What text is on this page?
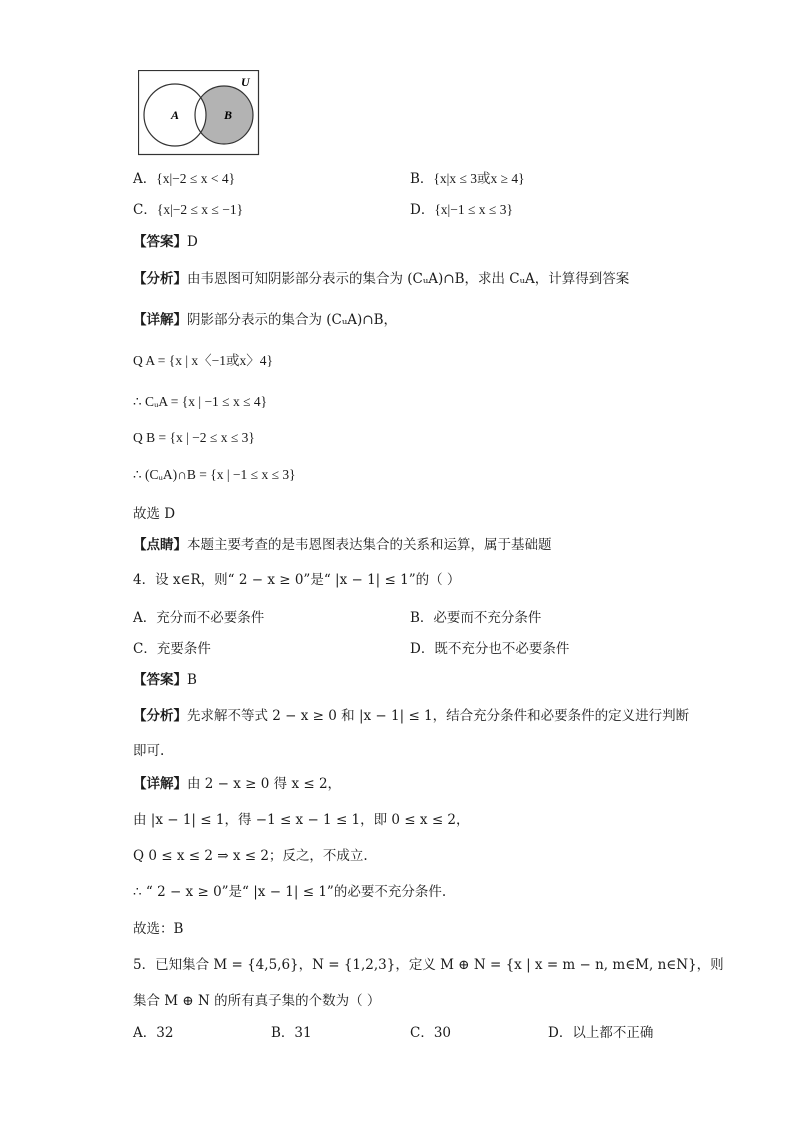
U
A	B
A．{x|−2 ≤ x < 4}	B．{x|x ≤ 3或x ≥ 4}
C．{x|−2 ≤ x ≤ −1}	D．{x|−1 ≤ x ≤ 3}
【答案】D
【分析】由韦恩图可知阴影部分表示的集合为 (CᵤA)∩B，求出 CᵤA，计算得到答案
【详解】阴影部分表示的集合为 (CᵤA)∩B，
Q A = {x | x〈−1或x〉4}
∴ CᵤA = {x | −1 ≤ x ≤ 4}
Q B = {x | −2 ≤ x ≤ 3}
∴ (CᵤA)∩B = {x | −1 ≤ x ≤ 3}
故选 D
【点睛】本题主要考查的是韦恩图表达集合的关系和运算，属于基础题
4．设 x∈R，则“ 2 − x ≥ 0”是“ |x − 1| ≤ 1”的（ ）
A．充分而不必要条件	B．必要而不充分条件
C．充要条件	D．既不充分也不必要条件
【答案】B
【分析】先求解不等式 2 − x ≥ 0 和 |x − 1| ≤ 1，结合充分条件和必要条件的定义进行判断
即可.
【详解】由 2 − x ≥ 0 得 x ≤ 2，
由 |x − 1| ≤ 1，得 −1 ≤ x − 1 ≤ 1，即 0 ≤ x ≤ 2，
Q 0 ≤ x ≤ 2 ⇒ x ≤ 2；反之，不成立.
∴ “ 2 − x ≥ 0”是“ |x − 1| ≤ 1”的必要不充分条件.
故选：B
5．已知集合 M = {4,5,6}，N = {1,2,3}，定义 M ⊕ N = {x | x = m − n, m∈M, n∈N}，则
集合 M ⊕ N 的所有真子集的个数为（ ）
A．32	B．31	C．30	D．以上都不正确
